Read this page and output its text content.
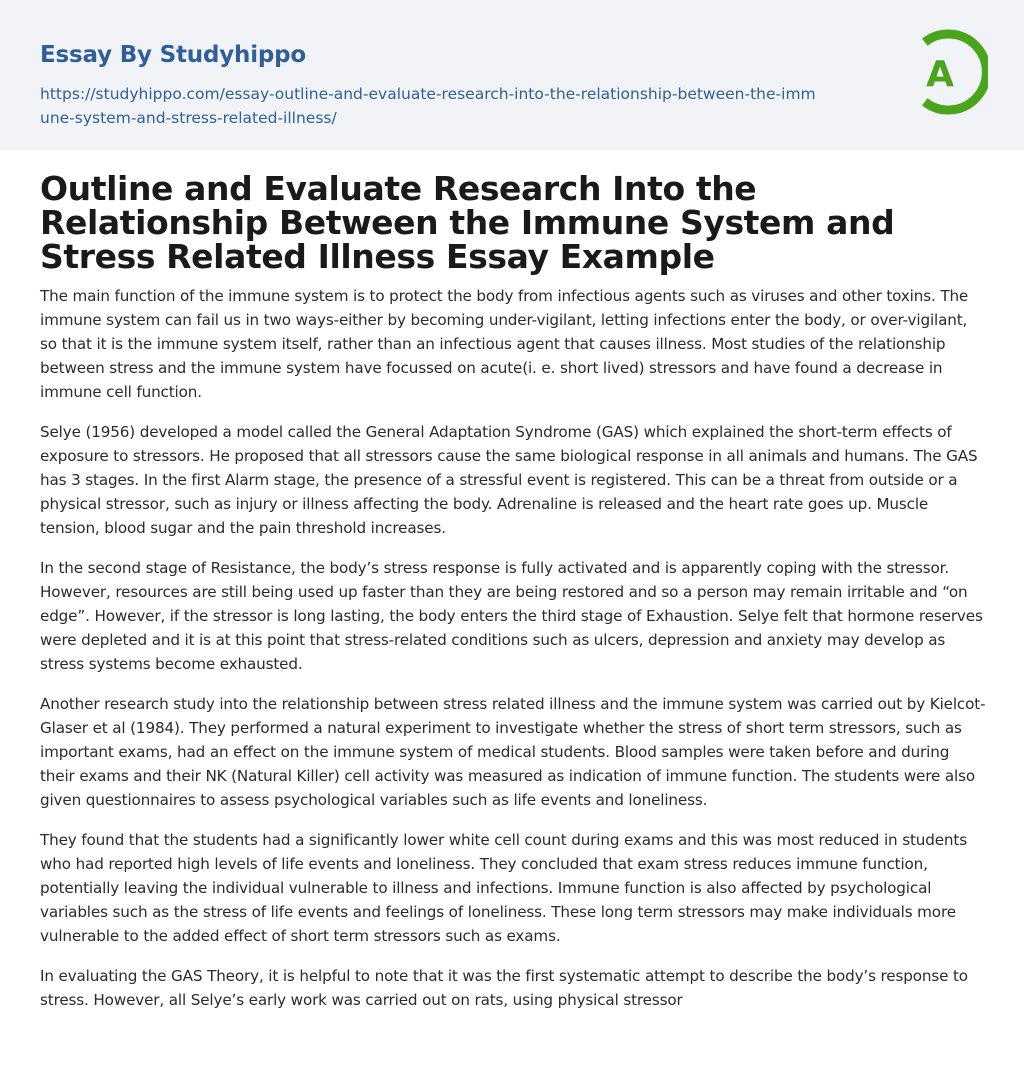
Essay By Studyhippo
https://studyhippo.com/essay-outline-and-evaluate-research-into-the-relationship-between-the-immune-system-and-stress-related-illness/
A
Outline and Evaluate Research Into the Relationship Between the Immune System and Stress Related Illness Essay Example

The main function of the immune system is to protect the body from infectious agents such as viruses and other toxins. The immune system can fail us in two ways-either by becoming under-vigilant, letting infections enter the body, or over-vigilant, so that it is the immune system itself, rather than an infectious agent that causes illness. Most studies of the relationship between stress and the immune system have focussed on acute(i. e. short lived) stressors and have found a decrease in immune cell function.

Selye (1956) developed a model called the General Adaptation Syndrome (GAS) which explained the short-term effects of exposure to stressors. He proposed that all stressors cause the same biological response in all animals and humans. The GAS has 3 stages. In the first Alarm stage, the presence of a stressful event is registered. This can be a threat from outside or a physical stressor, such as injury or illness affecting the body. Adrenaline is released and the heart rate goes up. Muscle tension, blood sugar and the pain threshold increases.

In the second stage of Resistance, the body’s stress response is fully activated and is apparently coping with the stressor. However, resources are still being used up faster than they are being restored and so a person may remain irritable and “on edge”. However, if the stressor is long lasting, the body enters the third stage of Exhaustion. Selye felt that hormone reserves were depleted and it is at this point that stress-related conditions such as ulcers, depression and anxiety may develop as stress systems become exhausted.

Another research study into the relationship between stress related illness and the immune system was carried out by Kielcot-Glaser et al (1984). They performed a natural experiment to investigate whether the stress of short term stressors, such as important exams, had an effect on the immune system of medical students. Blood samples were taken before and during their exams and their NK (Natural Killer) cell activity was measured as indication of immune function. The students were also given questionnaires to assess psychological variables such as life events and loneliness.

They found that the students had a significantly lower white cell count during exams and this was most reduced in students who had reported high levels of life events and loneliness. They concluded that exam stress reduces immune function, potentially leaving the individual vulnerable to illness and infections. Immune function is also affected by psychological variables such as the stress of life events and feelings of loneliness. These long term stressors may make individuals more vulnerable to the added effect of short term stressors such as exams.

In evaluating the GAS Theory, it is helpful to note that it was the first systematic attempt to describe the body’s response to stress. However, all Selye’s early work was carried out on rats, using physical stressor
